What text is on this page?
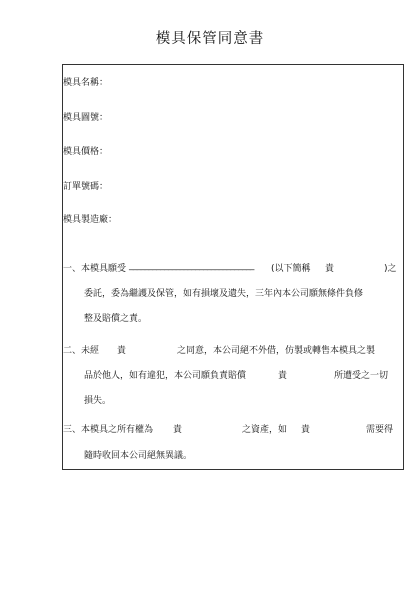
模具保管同意書
模具名稱：
模具圖號：
模具價格：
訂單號碼：
模具製造廠：
一、本模具願受 ________________________________ (以下簡稱 貴	)之
委託，委為繼護及保管，如有損壞及遺失，三年內本公司願無條件負修
整及賠償之責。
二、未經 貴	之同意，本公司絕不外借，仿製或轉售本模具之製
品於他人，如有違犯，本公司願負責賠償	貴	所遭受之一切
損失。
三、本模具之所有權為 貴	之資產，如 貴	需要得
隨時收回本公司絕無異議。
